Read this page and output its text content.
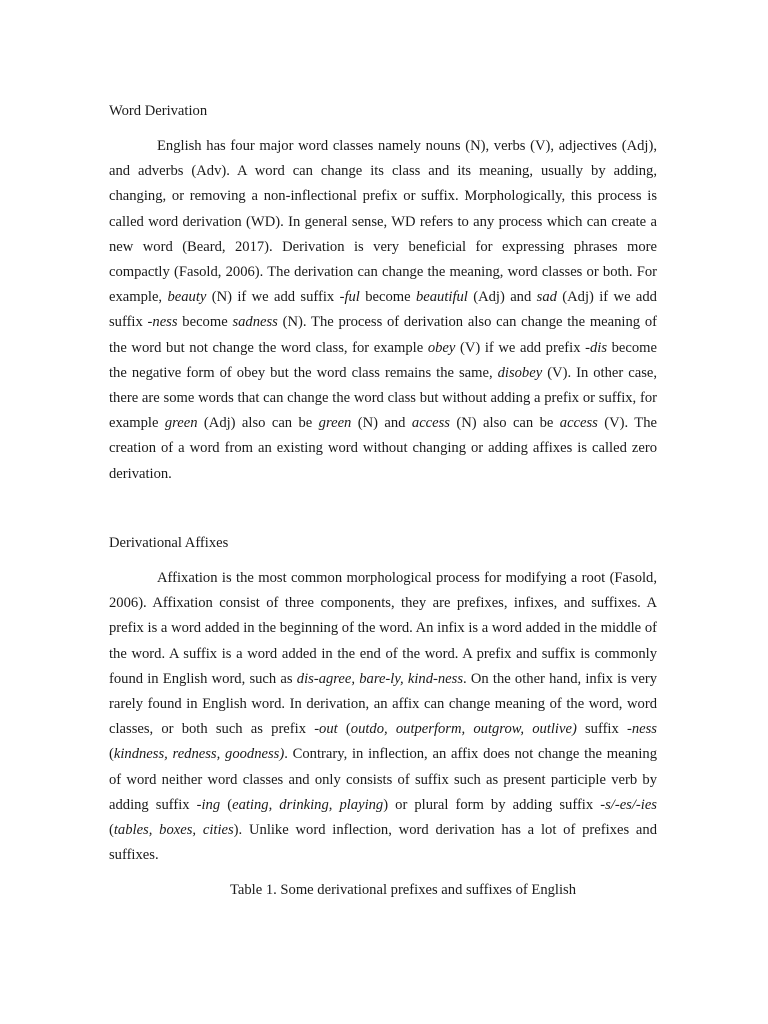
Word Derivation

English has four major word classes namely nouns (N), verbs (V), adjectives (Adj), and adverbs (Adv). A word can change its class and its meaning, usually by adding, changing, or removing a non-inflectional prefix or suffix. Morphologically, this process is called word derivation (WD). In general sense, WD refers to any process which can create a new word (Beard, 2017). Derivation is very beneficial for expressing phrases more compactly (Fasold, 2006). The derivation can change the meaning, word classes or both. For example, beauty (N) if we add suffix -ful become beautiful (Adj) and sad (Adj) if we add suffix -ness become sadness (N). The process of derivation also can change the meaning of the word but not change the word class, for example obey (V) if we add prefix -dis become the negative form of obey but the word class remains the same, disobey (V). In other case, there are some words that can change the word class but without adding a prefix or suffix, for example green (Adj) also can be green (N) and access (N) also can be access (V). The creation of a word from an existing word without changing or adding affixes is called zero derivation.

Derivational Affixes

Affixation is the most common morphological process for modifying a root (Fasold, 2006). Affixation consist of three components, they are prefixes, infixes, and suffixes. A prefix is a word added in the beginning of the word. An infix is a word added in the middle of the word. A suffix is a word added in the end of the word. A prefix and suffix is commonly found in English word, such as dis-agree, bare-ly, kind-ness. On the other hand, infix is very rarely found in English word. In derivation, an affix can change meaning of the word, word classes, or both such as prefix -out (outdo, outperform, outgrow, outlive) suffix -ness (kindness, redness, goodness). Contrary, in inflection, an affix does not change the meaning of word neither word classes and only consists of suffix such as present participle verb by adding suffix -ing (eating, drinking, playing) or plural form by adding suffix -s/-es/-ies (tables, boxes, cities). Unlike word inflection, word derivation has a lot of prefixes and suffixes.

Table 1. Some derivational prefixes and suffixes of English
